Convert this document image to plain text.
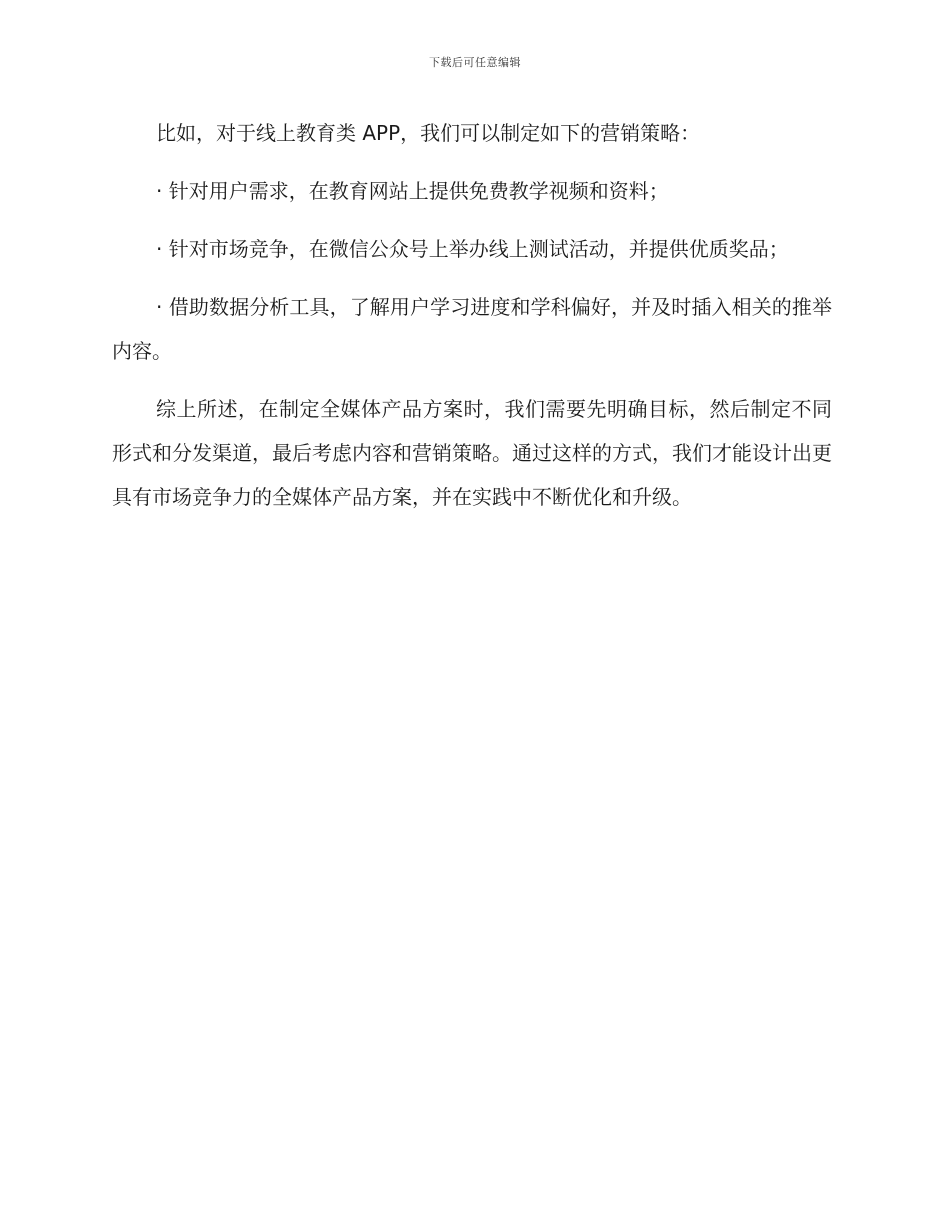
下载后可任意编辑

比如，对于线上教育类 APP，我们可以制定如下的营销策略：

· 针对用户需求，在教育网站上提供免费教学视频和资料；

· 针对市场竞争，在微信公众号上举办线上测试活动，并提供优质奖品；

· 借助数据分析工具，了解用户学习进度和学科偏好，并及时插入相关的推举内容。

综上所述，在制定全媒体产品方案时，我们需要先明确目标，然后制定不同形式和分发渠道，最后考虑内容和营销策略。通过这样的方式，我们才能设计出更具有市场竞争力的全媒体产品方案，并在实践中不断优化和升级。
